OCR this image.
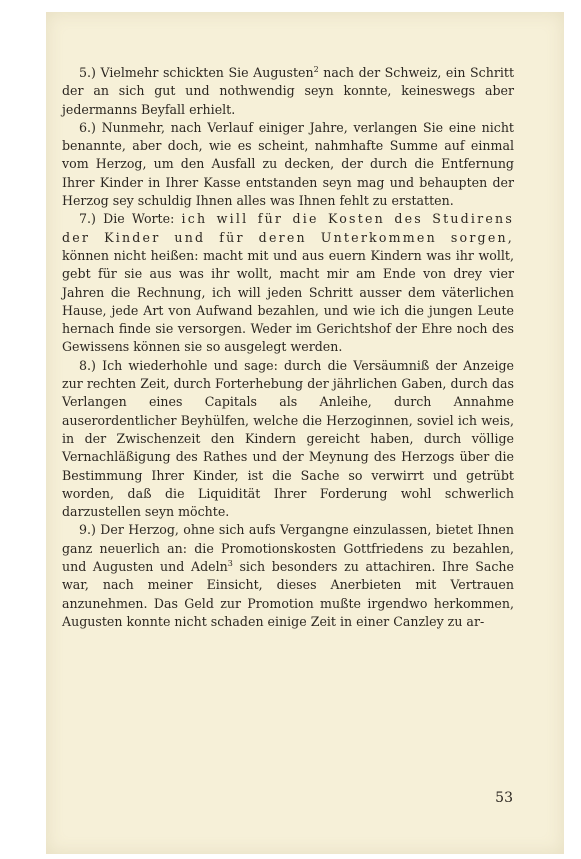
5.) Vielmehr schickten Sie Augusten$^2$ nach der Schweiz, ein Schritt der an sich gut und nothwendig seyn konnte, keineswegs aber jedermanns Beyfall erhielt.

6.) Nunmehr, nach Verlauf einiger Jahre, verlangen Sie eine nicht benannte, aber doch, wie es scheint, nahmhafte Summe auf einmal vom Herzog, um den Ausfall zu decken, der durch die Entfernung Ihrer Kinder in Ihrer Kasse entstanden seyn mag und behaupten der Herzog sey schuldig Ihnen alles was Ihnen fehlt zu erstatten.

7.) Die Worte: ich will für die Kosten des Studirens der Kinder und für deren Unterkommen sorgen, können nicht heißen: macht mit und aus euern Kindern was ihr wollt, gebt für sie aus was ihr wollt, macht mir am Ende von drey vier Jahren die Rechnung, ich will jeden Schritt ausser dem väterlichen Hause, jede Art von Aufwand bezahlen, und wie ich die jungen Leute hernach finde sie versorgen. Weder im Gerichtshof der Ehre noch des Gewissens können sie so ausgelegt werden.

8.) Ich wiederhohle und sage: durch die Versäumniß der Anzeige zur rechten Zeit, durch Forterhebung der jährlichen Gaben, durch das Verlangen eines Capitals als Anleihe, durch Annahme auserordentlicher Beyhülfen, welche die Herzoginnen, soviel ich weis, in der Zwischenzeit den Kindern gereicht haben, durch völlige Vernachläßigung des Rathes und der Meynung des Herzogs über die Bestimmung Ihrer Kinder, ist die Sache so verwirrt und getrübt worden, daß die Liquidität Ihrer Forderung wohl schwerlich darzustellen seyn möchte.

9.) Der Herzog, ohne sich aufs Vergangne einzulassen, bietet Ihnen ganz neuerlich an: die Promotionskosten Gottfriedens zu bezahlen, und Augusten und Adeln$^3$ sich besonders zu attachiren. Ihre Sache war, nach meiner Einsicht, dieses Anerbieten mit Vertrauen anzunehmen. Das Geld zur Promotion mußte irgendwo herkommen, Augusten konnte nicht schaden einige Zeit in einer Canzley zu ar-

53
